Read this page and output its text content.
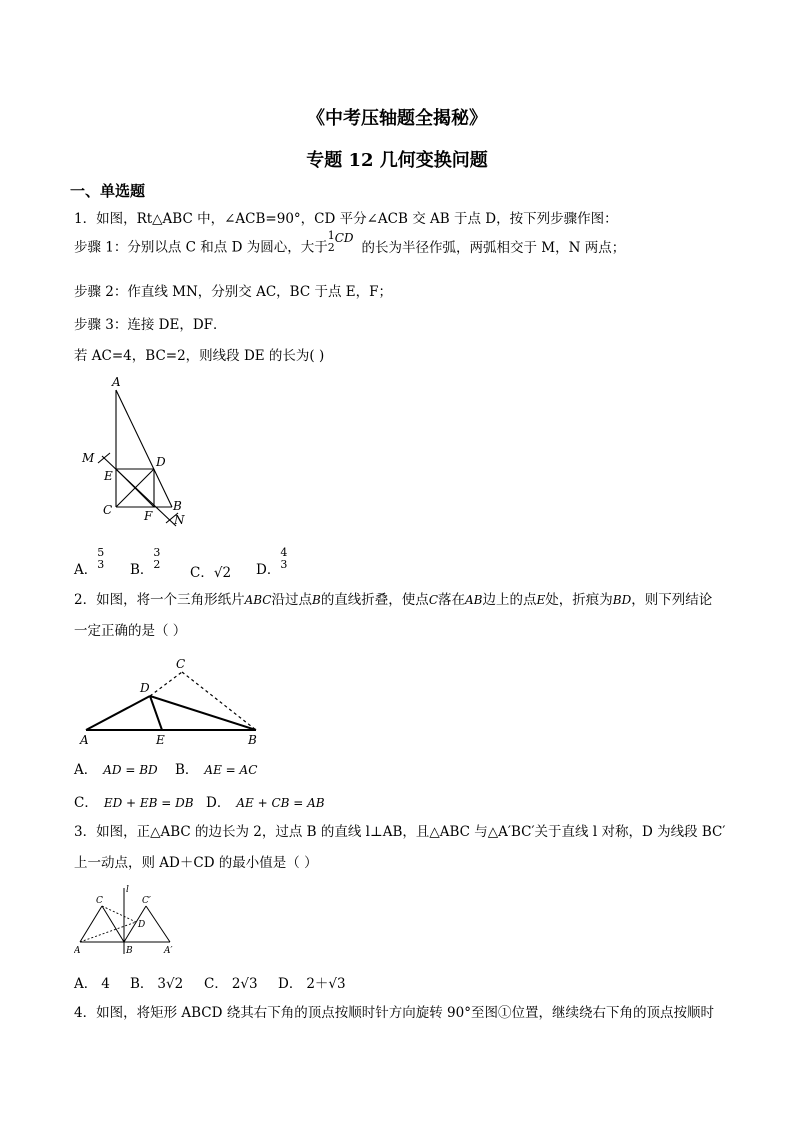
《中考压轴题全揭秘》
专题 12 几何变换问题
一、单选题
1．如图，Rt△ABC 中，∠ACB=90°，CD 平分∠ACB 交 AB 于点 D，按下列步骤作图：
步骤 1：分别以点 C 和点 D 为圆心，大于
1
2
CD的长为半径作弧，两弧相交于 M，N 两点；
步骤 2：作直线 MN，分别交 AC，BC 于点 E，F；
步骤 3：连接 DE，DF．
若 AC=4，BC=2，则线段 DE 的长为( )
A
M	D
E
C	F
B
N
A．
5
3 B．
3
2
C．√2 D．
4
3
2．如图，将一个三角形纸片ABC沿过点B的直线折叠，使点C落在AB边上的点E处，折痕为BD，则下列结论
一定正确的是（ ）
C
D
A	E	B
A． AD = BD B． AE = AC
C． ED + EB = DB D． AE + CB = AB
3．如图，正△ABC 的边长为 2，过点 B 的直线 l⊥AB，且△ABC 与△A′BC′关于直线 l 对称，D 为线段 BC′
上一动点，则 AD＋CD 的最小值是（ ）
l
C	C′
D
A	B	A′
A． 4 B． 3√2 C． 2√3 D． 2＋√3
4．如图，将矩形 ABCD 绕其右下角的顶点按顺时针方向旋转 90°至图①位置，继续绕右下角的顶点按顺时
